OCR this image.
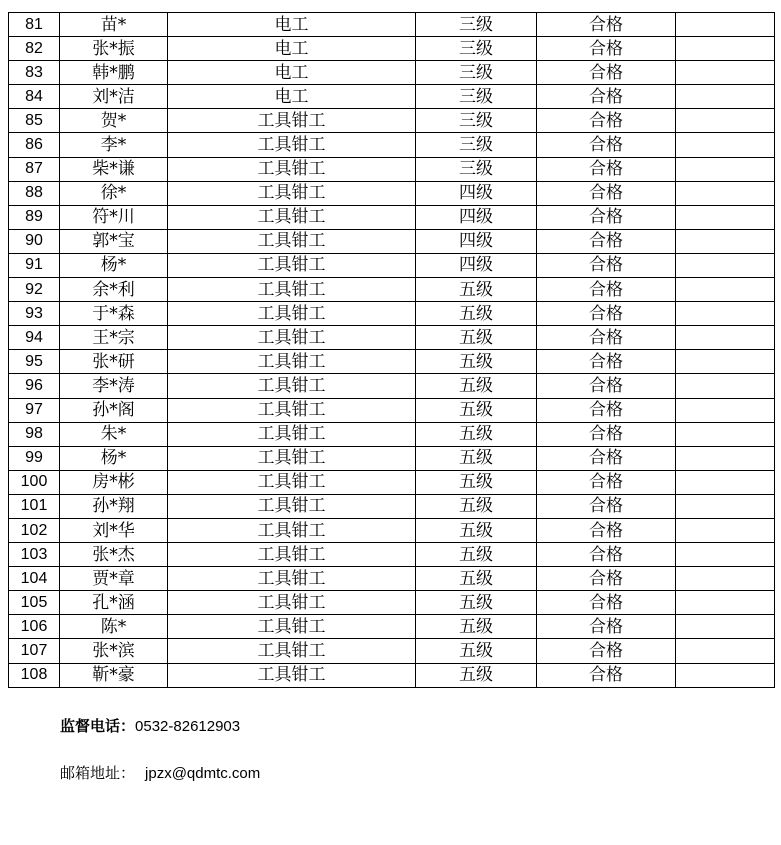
81	苗*	电工	三级	合格	
82	张*振	电工	三级	合格	
83	韩*鹏	电工	三级	合格	
84	刘*洁	电工	三级	合格	
85	贺*	工具钳工	三级	合格	
86	李*	工具钳工	三级	合格	
87	柴*谦	工具钳工	三级	合格	
88	徐*	工具钳工	四级	合格	
89	符*川	工具钳工	四级	合格	
90	郭*宝	工具钳工	四级	合格	
91	杨*	工具钳工	四级	合格	
92	余*利	工具钳工	五级	合格	
93	于*森	工具钳工	五级	合格	
94	王*宗	工具钳工	五级	合格	
95	张*研	工具钳工	五级	合格	
96	李*涛	工具钳工	五级	合格	
97	孙*阁	工具钳工	五级	合格	
98	朱*	工具钳工	五级	合格	
99	杨*	工具钳工	五级	合格	
100	房*彬	工具钳工	五级	合格	
101	孙*翔	工具钳工	五级	合格	
102	刘*华	工具钳工	五级	合格	
103	张*杰	工具钳工	五级	合格	
104	贾*章	工具钳工	五级	合格	
105	孔*涵	工具钳工	五级	合格	
106	陈*	工具钳工	五级	合格	
107	张*滨	工具钳工	五级	合格	
108	靳*豪	工具钳工	五级	合格	
监督电话：0532-82612903
邮箱地址： jpzx@qdmtc.com
